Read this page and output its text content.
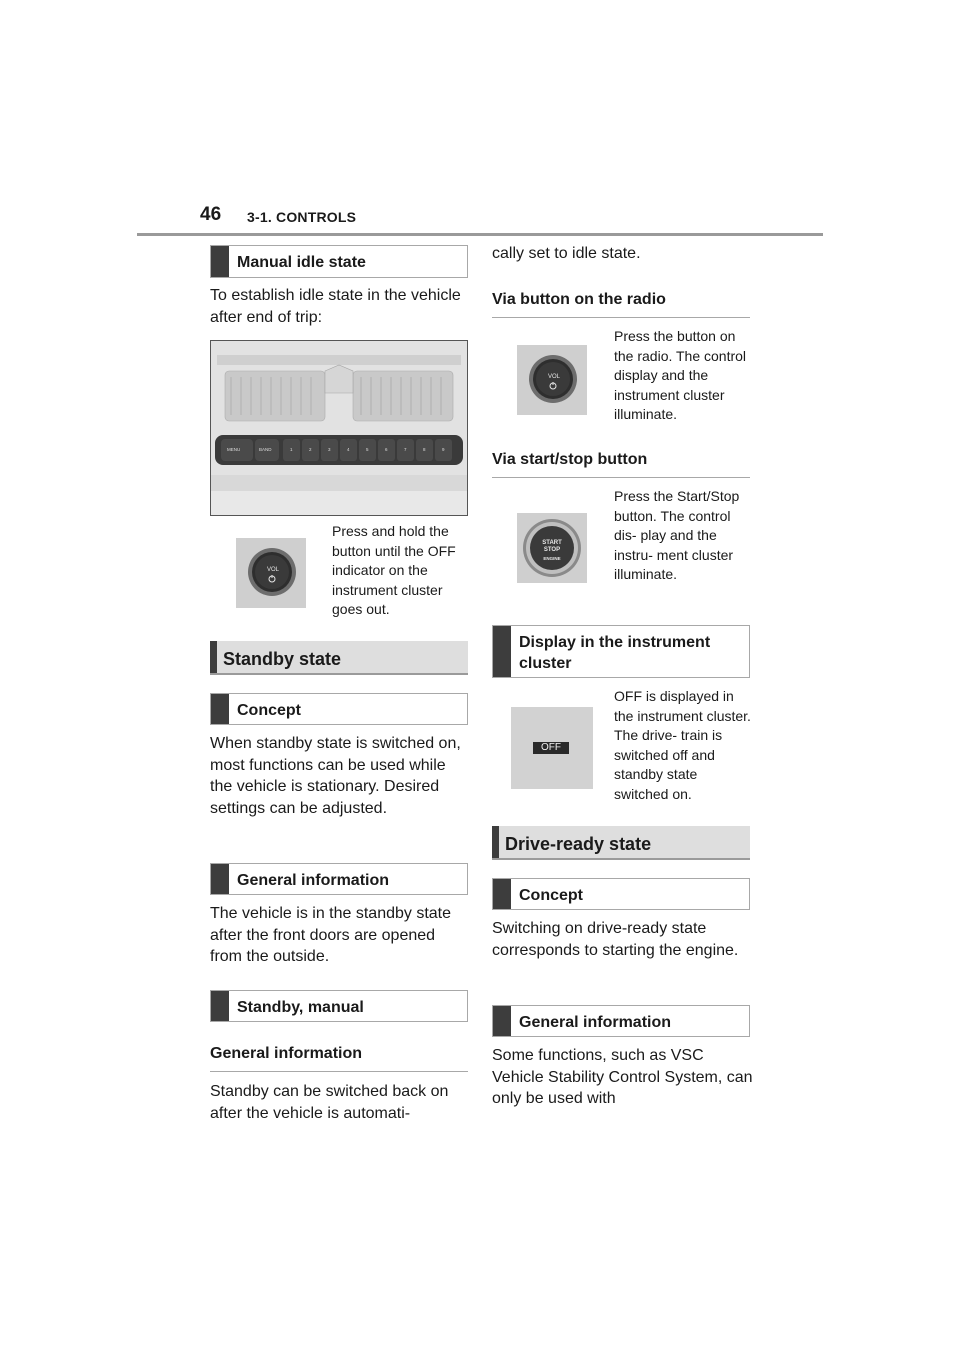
46 3-1. CONTROLS
Manual idle state
To establish idle state in the vehicle after end of trip:
MENU	BAND	1	2	3	4	5	6	7	8	9
VOL
Press and hold the button until the OFF indicator on the instrument cluster goes out.
Standby state
Concept
When standby state is switched on, most functions can be used while the vehicle is stationary. Desired settings can be adjusted.
General information
The vehicle is in the standby state after the front doors are opened from the outside.
Standby, manual
General information
Standby can be switched back on after the vehicle is automati-
cally set to idle state.
Via button on the radio
VOL
Press the button on the radio. The control display and the instrument cluster illuminate.
Via start/stop button
START
STOP
ENGINE
Press the Start/Stop button. The control dis- play and the instru- ment cluster illuminate.
Display in the instrument cluster
OFF
OFF is displayed in the instrument cluster. The drive- train is switched off and standby state switched on.
Drive-ready state
Concept
Switching on drive-ready state corresponds to starting the engine.
General information
Some functions, such as VSC Vehicle Stability Control System, can only be used with
